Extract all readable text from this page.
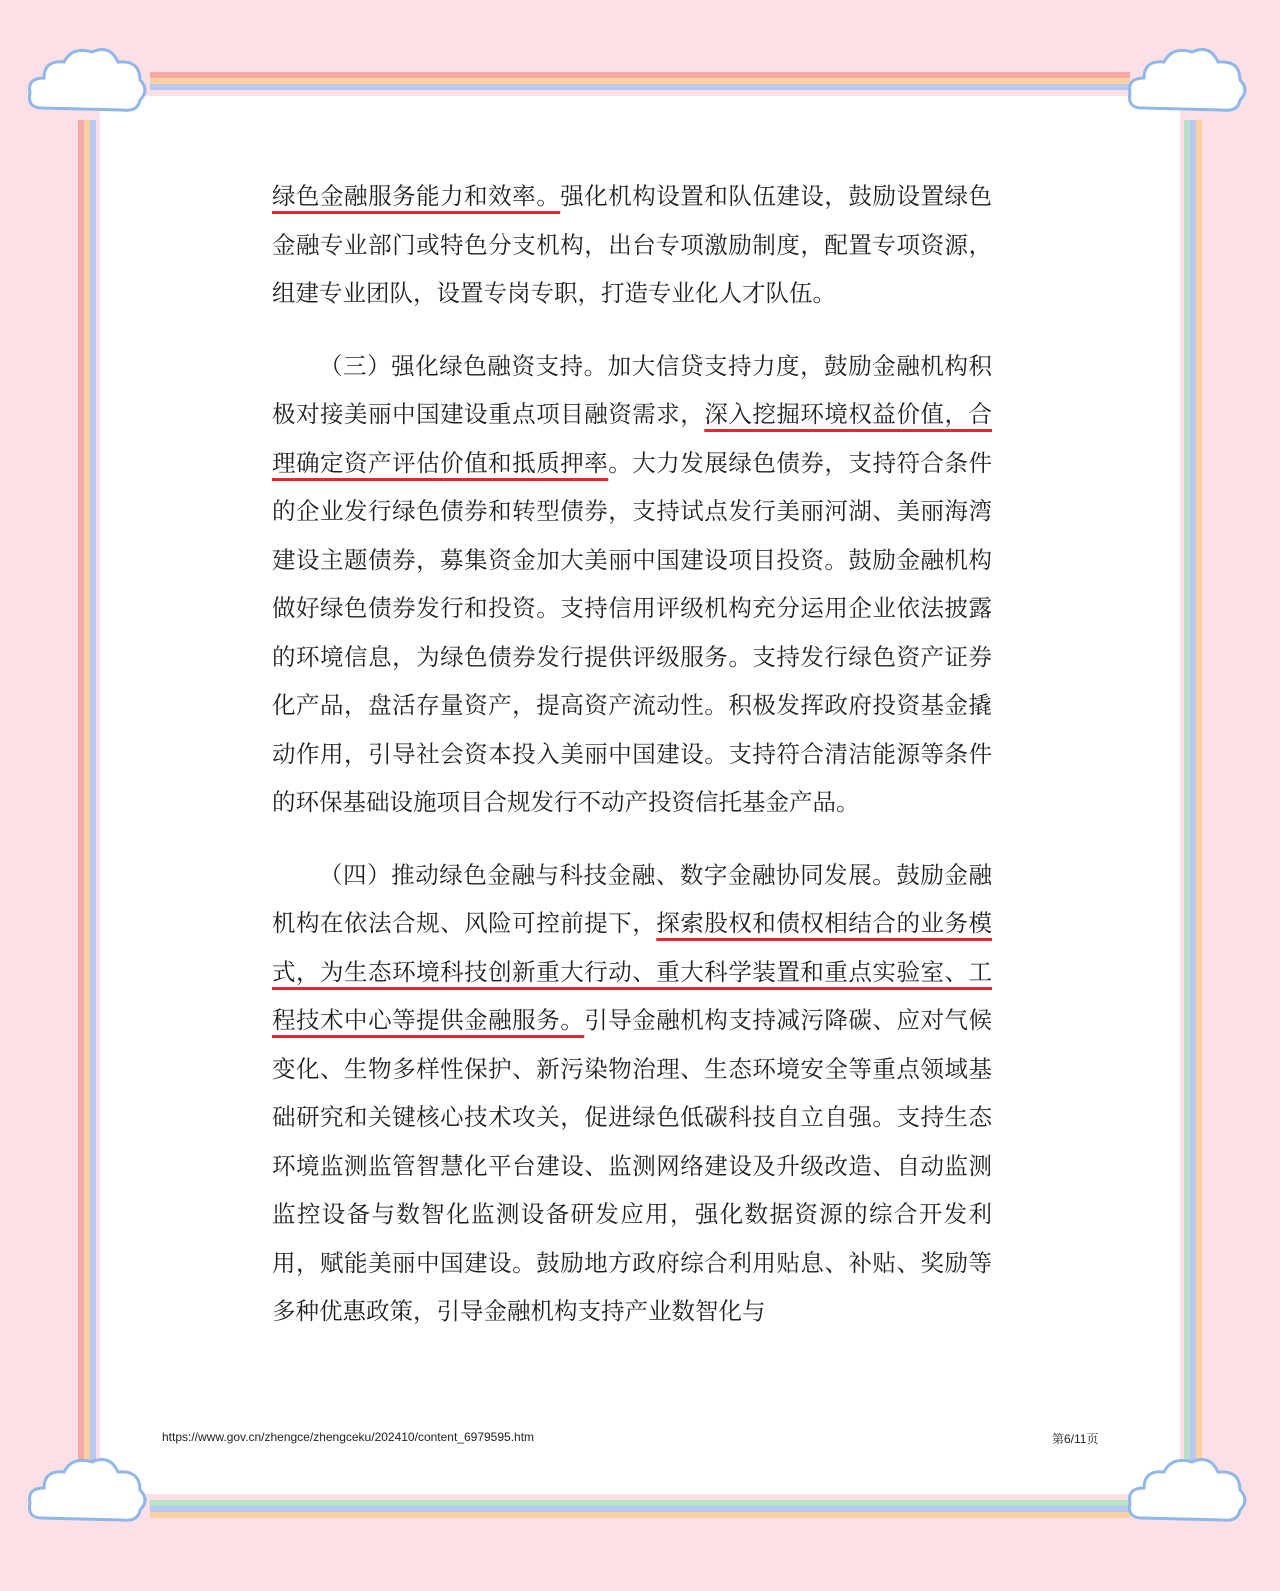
绿色金融服务能力和效率。强化机构设置和队伍建设，鼓励设置绿色金融专业部门或特色分支机构，出台专项激励制度，配置专项资源，组建专业团队，设置专岗专职，打造专业化人才队伍。

（三）强化绿色融资支持。加大信贷支持力度，鼓励金融机构积极对接美丽中国建设重点项目融资需求，深入挖掘环境权益价值，合理确定资产评估价值和抵质押率。大力发展绿色债券，支持符合条件的企业发行绿色债券和转型债券，支持试点发行美丽河湖、美丽海湾建设主题债券，募集资金加大美丽中国建设项目投资。鼓励金融机构做好绿色债券发行和投资。支持信用评级机构充分运用企业依法披露的环境信息，为绿色债券发行提供评级服务。支持发行绿色资产证券化产品，盘活存量资产，提高资产流动性。积极发挥政府投资基金撬动作用，引导社会资本投入美丽中国建设。支持符合清洁能源等条件的环保基础设施项目合规发行不动产投资信托基金产品。

（四）推动绿色金融与科技金融、数字金融协同发展。鼓励金融机构在依法合规、风险可控前提下，探索股权和债权相结合的业务模式，为生态环境科技创新重大行动、重大科学装置和重点实验室、工程技术中心等提供金融服务。引导金融机构支持减污降碳、应对气候变化、生物多样性保护、新污染物治理、生态环境安全等重点领域基础研究和关键核心技术攻关，促进绿色低碳科技自立自强。支持生态环境监测监管智慧化平台建设、监测网络建设及升级改造、自动监测监控设备与数智化监测设备研发应用，强化数据资源的综合开发利用，赋能美丽中国建设。鼓励地方政府综合利用贴息、补贴、奖励等多种优惠政策，引导金融机构支持产业数智化与

https://www.gov.cn/zhengce/zhengceku/202410/content_6979595.htm	第6/11页
